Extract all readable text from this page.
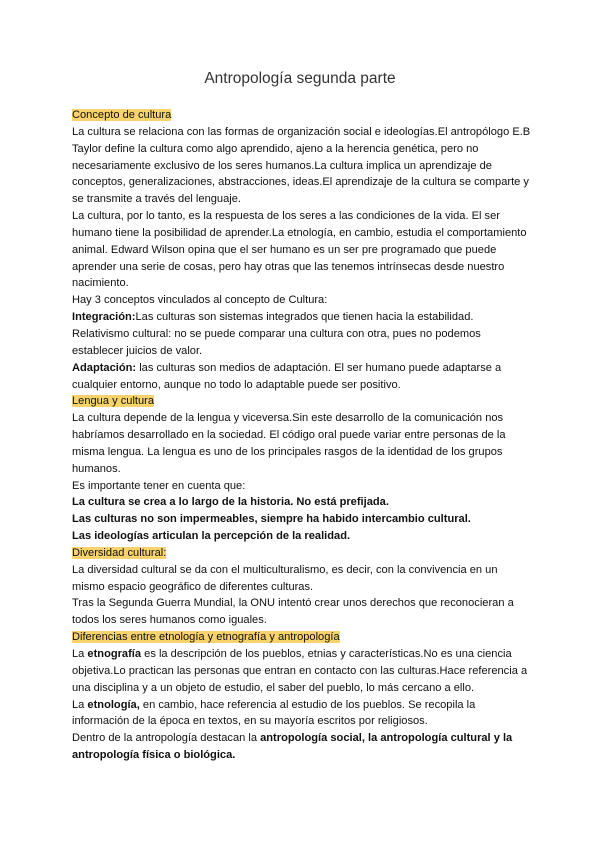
Antropología segunda parte

Concepto de cultura

La cultura se relaciona con las formas de organización social e ideologías.El antropólogo E.B Taylor define la cultura como algo aprendido, ajeno a la herencia genética, pero no necesariamente exclusivo de los seres humanos.La cultura implica un aprendizaje de conceptos, generalizaciones, abstracciones, ideas.El aprendizaje de la cultura se comparte y se transmite a través del lenguaje.

La cultura, por lo tanto, es la respuesta de los seres a las condiciones de la vida. El ser humano tiene la posibilidad de aprender.La etnología, en cambio, estudia el comportamiento animal. Edward Wilson opina que el ser humano es un ser pre programado que puede aprender una serie de cosas, pero hay otras que las tenemos intrínsecas desde nuestro nacimiento.

Hay 3 conceptos vinculados al concepto de Cultura:

Integración:Las culturas son sistemas integrados que tienen hacia la estabilidad.

Relativismo cultural: no se puede comparar una cultura con otra, pues no podemos establecer juicios de valor.

Adaptación: las culturas son medios de adaptación. El ser humano puede adaptarse a cualquier entorno, aunque no todo lo adaptable puede ser positivo.

Lengua y cultura

La cultura depende de la lengua y viceversa.Sin este desarrollo de la comunicación nos habríamos desarrollado en la sociedad. El código oral puede variar entre personas de la misma lengua. La lengua es uno de los principales rasgos de la identidad de los grupos humanos.

Es importante tener en cuenta que:

La cultura se crea a lo largo de la historia. No está prefijada.

Las culturas no son impermeables, siempre ha habido intercambio cultural.

Las ideologías articulan la percepción de la realidad.

Diversidad cultural:

La diversidad cultural se da con el multiculturalismo, es decir, con la convivencia en un mismo espacio geográfico de diferentes culturas.

Tras la Segunda Guerra Mundial, la ONU intentó crear unos derechos que reconocieran a todos los seres humanos como iguales.

Diferencias entre etnología y etnografía y antropología

La etnografía es la descripción de los pueblos, etnias y características.No es una ciencia objetiva.Lo practican las personas que entran en contacto con las culturas.Hace referencia a una disciplina y a un objeto de estudio, el saber del pueblo, lo más cercano a ello.

La etnología, en cambio, hace referencia al estudio de los pueblos. Se recopila la información de la época en textos, en su mayoría escritos por religiosos.

Dentro de la antropología destacan la antropología social, la antropología cultural y la antropología física o biológica.
